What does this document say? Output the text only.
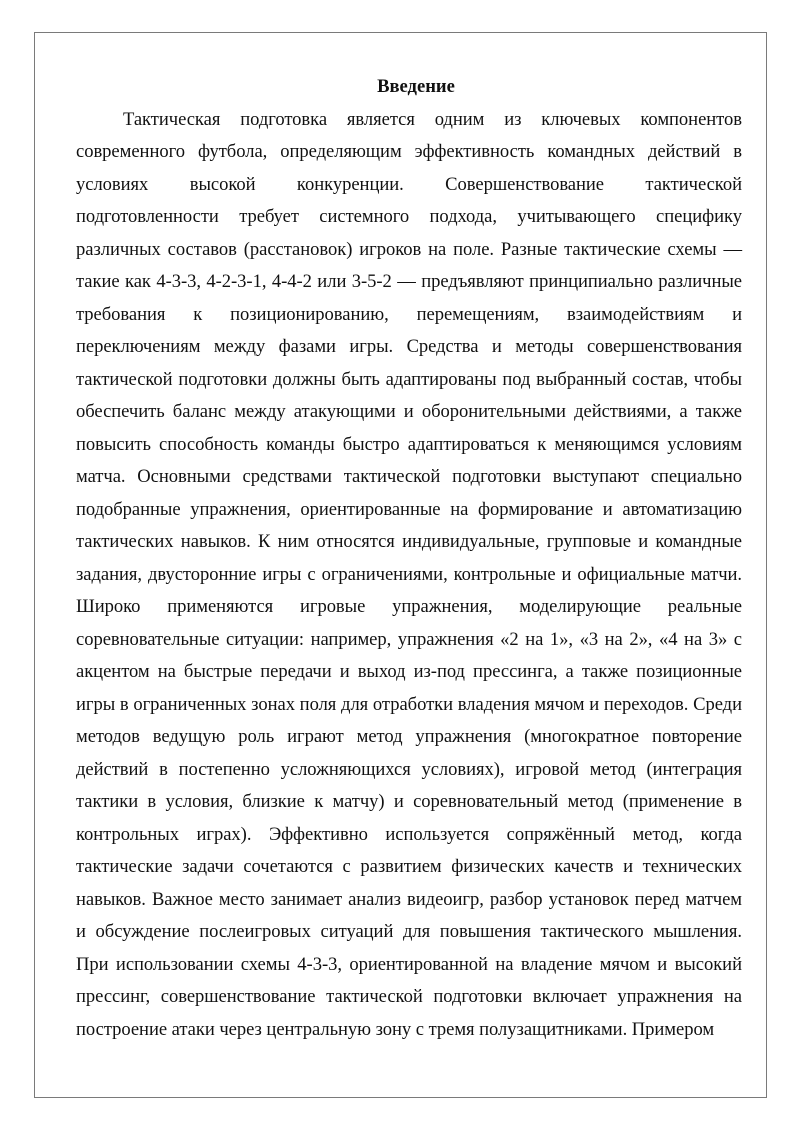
Введение

Тактическая подготовка является одним из ключевых компонентов современного футбола, определяющим эффективность командных действий в условиях высокой конкуренции. Совершенствование тактической подготовленности требует системного подхода, учитывающего специфику различных составов (расстановок) игроков на поле. Разные тактические схемы — такие как 4-3-3, 4-2-3-1, 4-4-2 или 3-5-2 — предъявляют принципиально различные требования к позиционированию, перемещениям, взаимодействиям и переключениям между фазами игры. Средства и методы совершенствования тактической подготовки должны быть адаптированы под выбранный состав, чтобы обеспечить баланс между атакующими и оборонительными действиями, а также повысить способность команды быстро адаптироваться к меняющимся условиям матча. Основными средствами тактической подготовки выступают специально подобранные упражнения, ориентированные на формирование и автоматизацию тактических навыков. К ним относятся индивидуальные, групповые и командные задания, двусторонние игры с ограничениями, контрольные и официальные матчи. Широко применяются игровые упражнения, моделирующие реальные соревновательные ситуации: например, упражнения «2 на 1», «3 на 2», «4 на 3» с акцентом на быстрые передачи и выход из-под прессинга, а также позиционные игры в ограниченных зонах поля для отработки владения мячом и переходов. Среди методов ведущую роль играют метод упражнения (многократное повторение действий в постепенно усложняющихся условиях), игровой метод (интеграция тактики в условия, близкие к матчу) и соревновательный метод (применение в контрольных играх). Эффективно используется сопряжённый метод, когда тактические задачи сочетаются с развитием физических качеств и технических навыков. Важное место занимает анализ видеоигр, разбор установок перед матчем и обсуждение послеигровых ситуаций для повышения тактического мышления. При использовании схемы 4-3-3, ориентированной на владение мячом и высокий прессинг, совершенствование тактической подготовки включает упражнения на построение атаки через центральную зону с тремя полузащитниками. Примером
